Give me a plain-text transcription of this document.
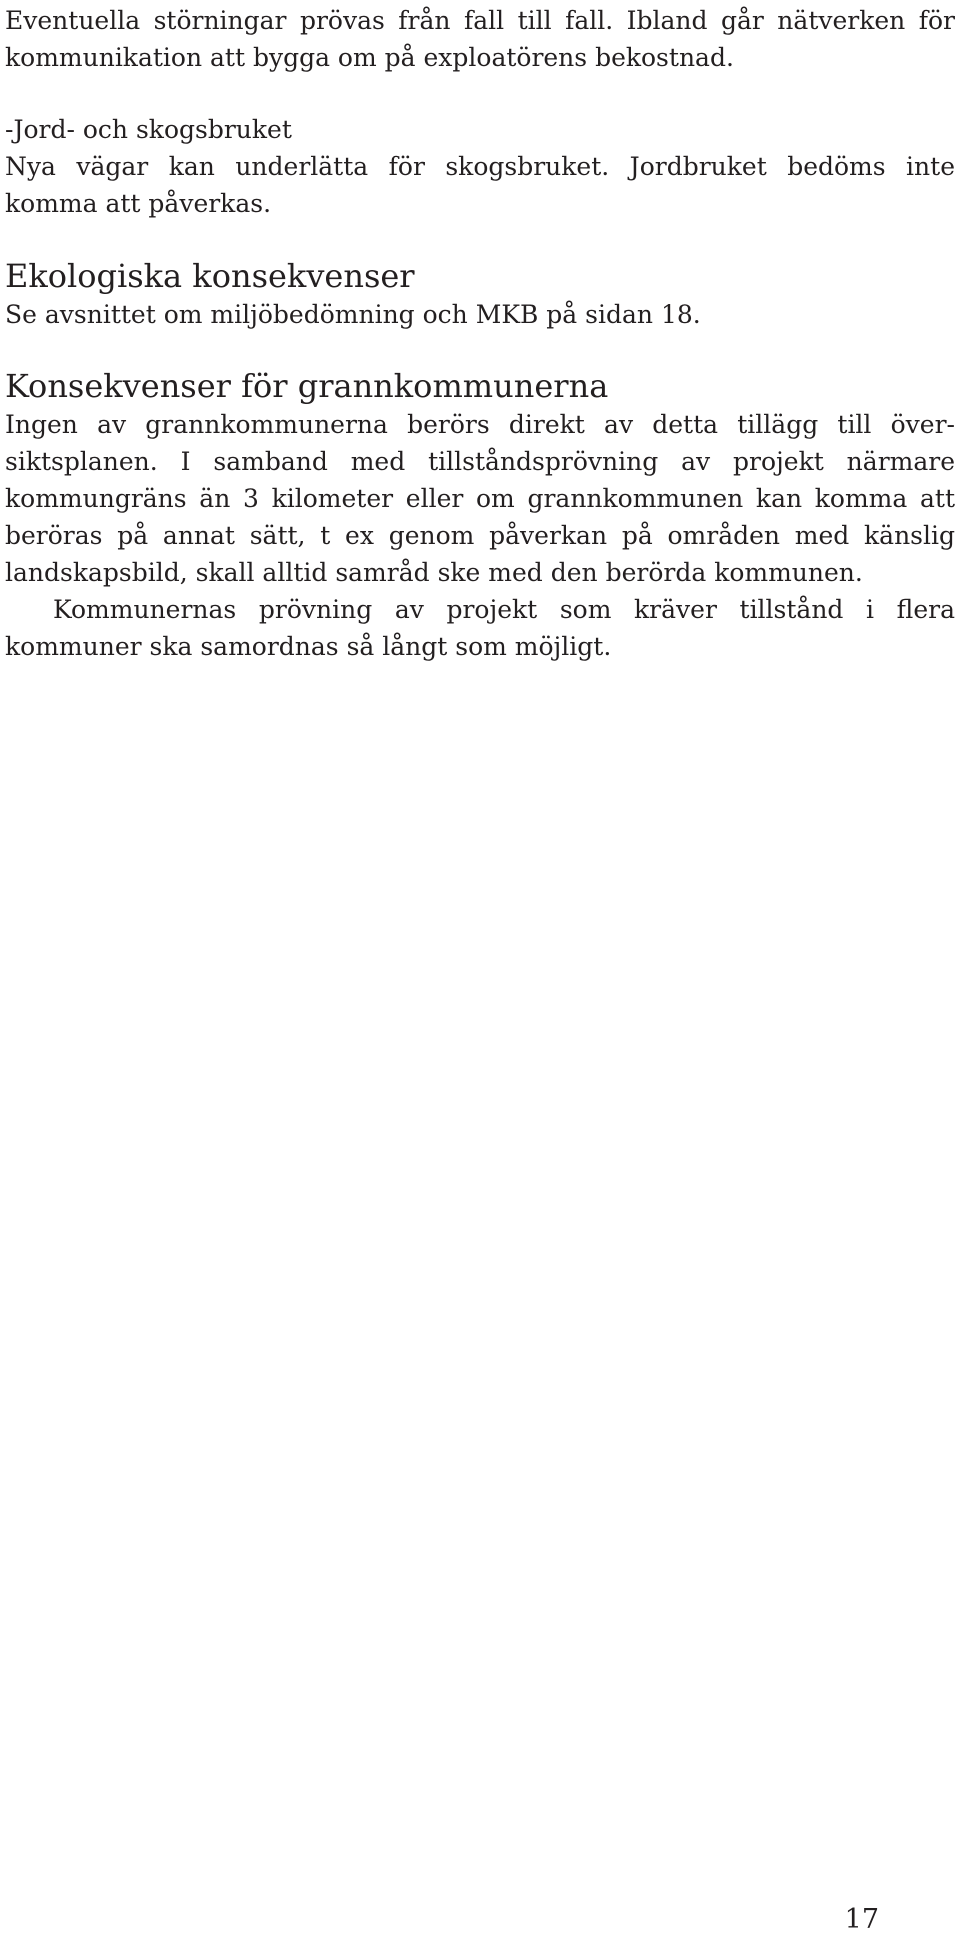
Eventuella störningar prövas från fall till fall. Ibland går nätverken för kommunikation att bygga om på exploatörens bekostnad.

-Jord- och skogsbruket

Nya vägar kan underlätta för skogsbruket. Jordbruket bedöms inte komma att påverkas.

Ekologiska konsekvenser

Se avsnittet om miljöbedömning och MKB på sidan 18.

Konsekvenser för grannkommunerna

Ingen av grannkommunerna berörs direkt av detta tillägg till översiktsplanen. I samband med tillståndsprövning av projekt närmare kommungräns än 3 kilometer eller om grannkommunen kan komma att beröras på annat sätt, t ex genom påverkan på områden med känslig landskapsbild, skall alltid samråd ske med den berörda kommunen.

Kommunernas prövning av projekt som kräver tillstånd i flera kommuner ska samordnas så långt som möjligt.

17
